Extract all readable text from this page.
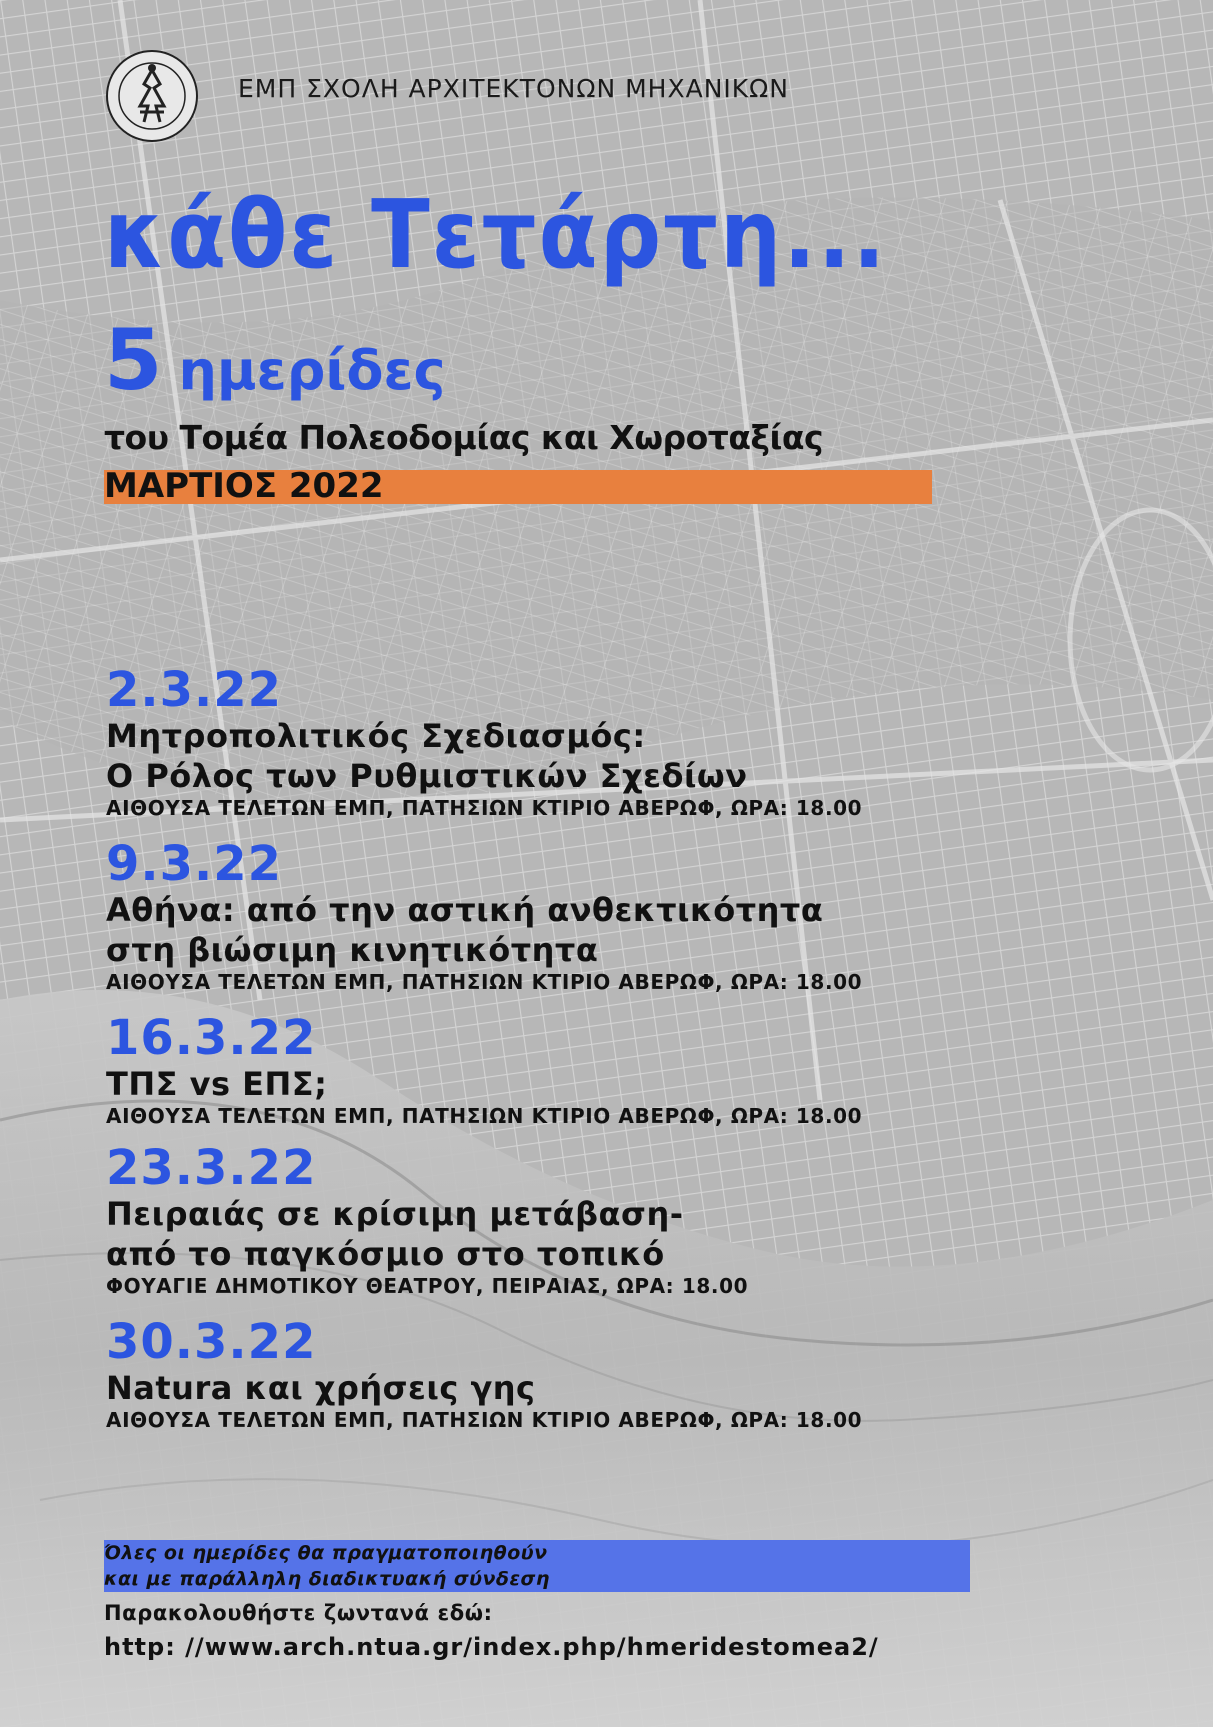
ΕΜΠ ΣΧΟΛΗ ΑΡΧΙΤΕΚΤΟΝΩΝ ΜΗΧΑΝΙΚΩΝ
κάθε Τετάρτη...
5 ημερίδες
του Τομέα Πολεοδομίας και Χωροταξίας
ΜΑΡΤΙΟΣ 2022
2.3.22
Μητροπολιτικός Σχεδιασμός:
Ο Ρόλος των Ρυθμιστικών Σχεδίων
ΑΙΘΟΥΣΑ ΤΕΛΕΤΩΝ ΕΜΠ, ΠΑΤΗΣΙΩΝ ΚΤΙΡΙΟ ΑΒΕΡΩΦ, ΩΡΑ: 18.00
9.3.22
Αθήνα: από την αστική ανθεκτικότητα
στη βιώσιμη κινητικότητα
ΑΙΘΟΥΣΑ ΤΕΛΕΤΩΝ ΕΜΠ, ΠΑΤΗΣΙΩΝ ΚΤΙΡΙΟ ΑΒΕΡΩΦ, ΩΡΑ: 18.00
16.3.22
ΤΠΣ vs ΕΠΣ;
ΑΙΘΟΥΣΑ ΤΕΛΕΤΩΝ ΕΜΠ, ΠΑΤΗΣΙΩΝ ΚΤΙΡΙΟ ΑΒΕΡΩΦ, ΩΡΑ: 18.00
23.3.22
Πειραιάς σε κρίσιμη μετάβαση-
από το παγκόσμιο στο τοπικό
ΦΟΥΑΓΙΕ ΔΗΜΟΤΙΚΟΥ ΘΕΑΤΡΟΥ, ΠΕΙΡΑΙΑΣ, ΩΡΑ: 18.00
30.3.22
Natura και χρήσεις γης
ΑΙΘΟΥΣΑ ΤΕΛΕΤΩΝ ΕΜΠ, ΠΑΤΗΣΙΩΝ ΚΤΙΡΙΟ ΑΒΕΡΩΦ, ΩΡΑ: 18.00
Όλες οι ημερίδες θα πραγματοποιηθούν
και με παράλληλη διαδικτυακή σύνδεση
Παρακολουθήστε ζωντανά εδώ:
http: //www.arch.ntua.gr/index.php/hmeridestomea2/
